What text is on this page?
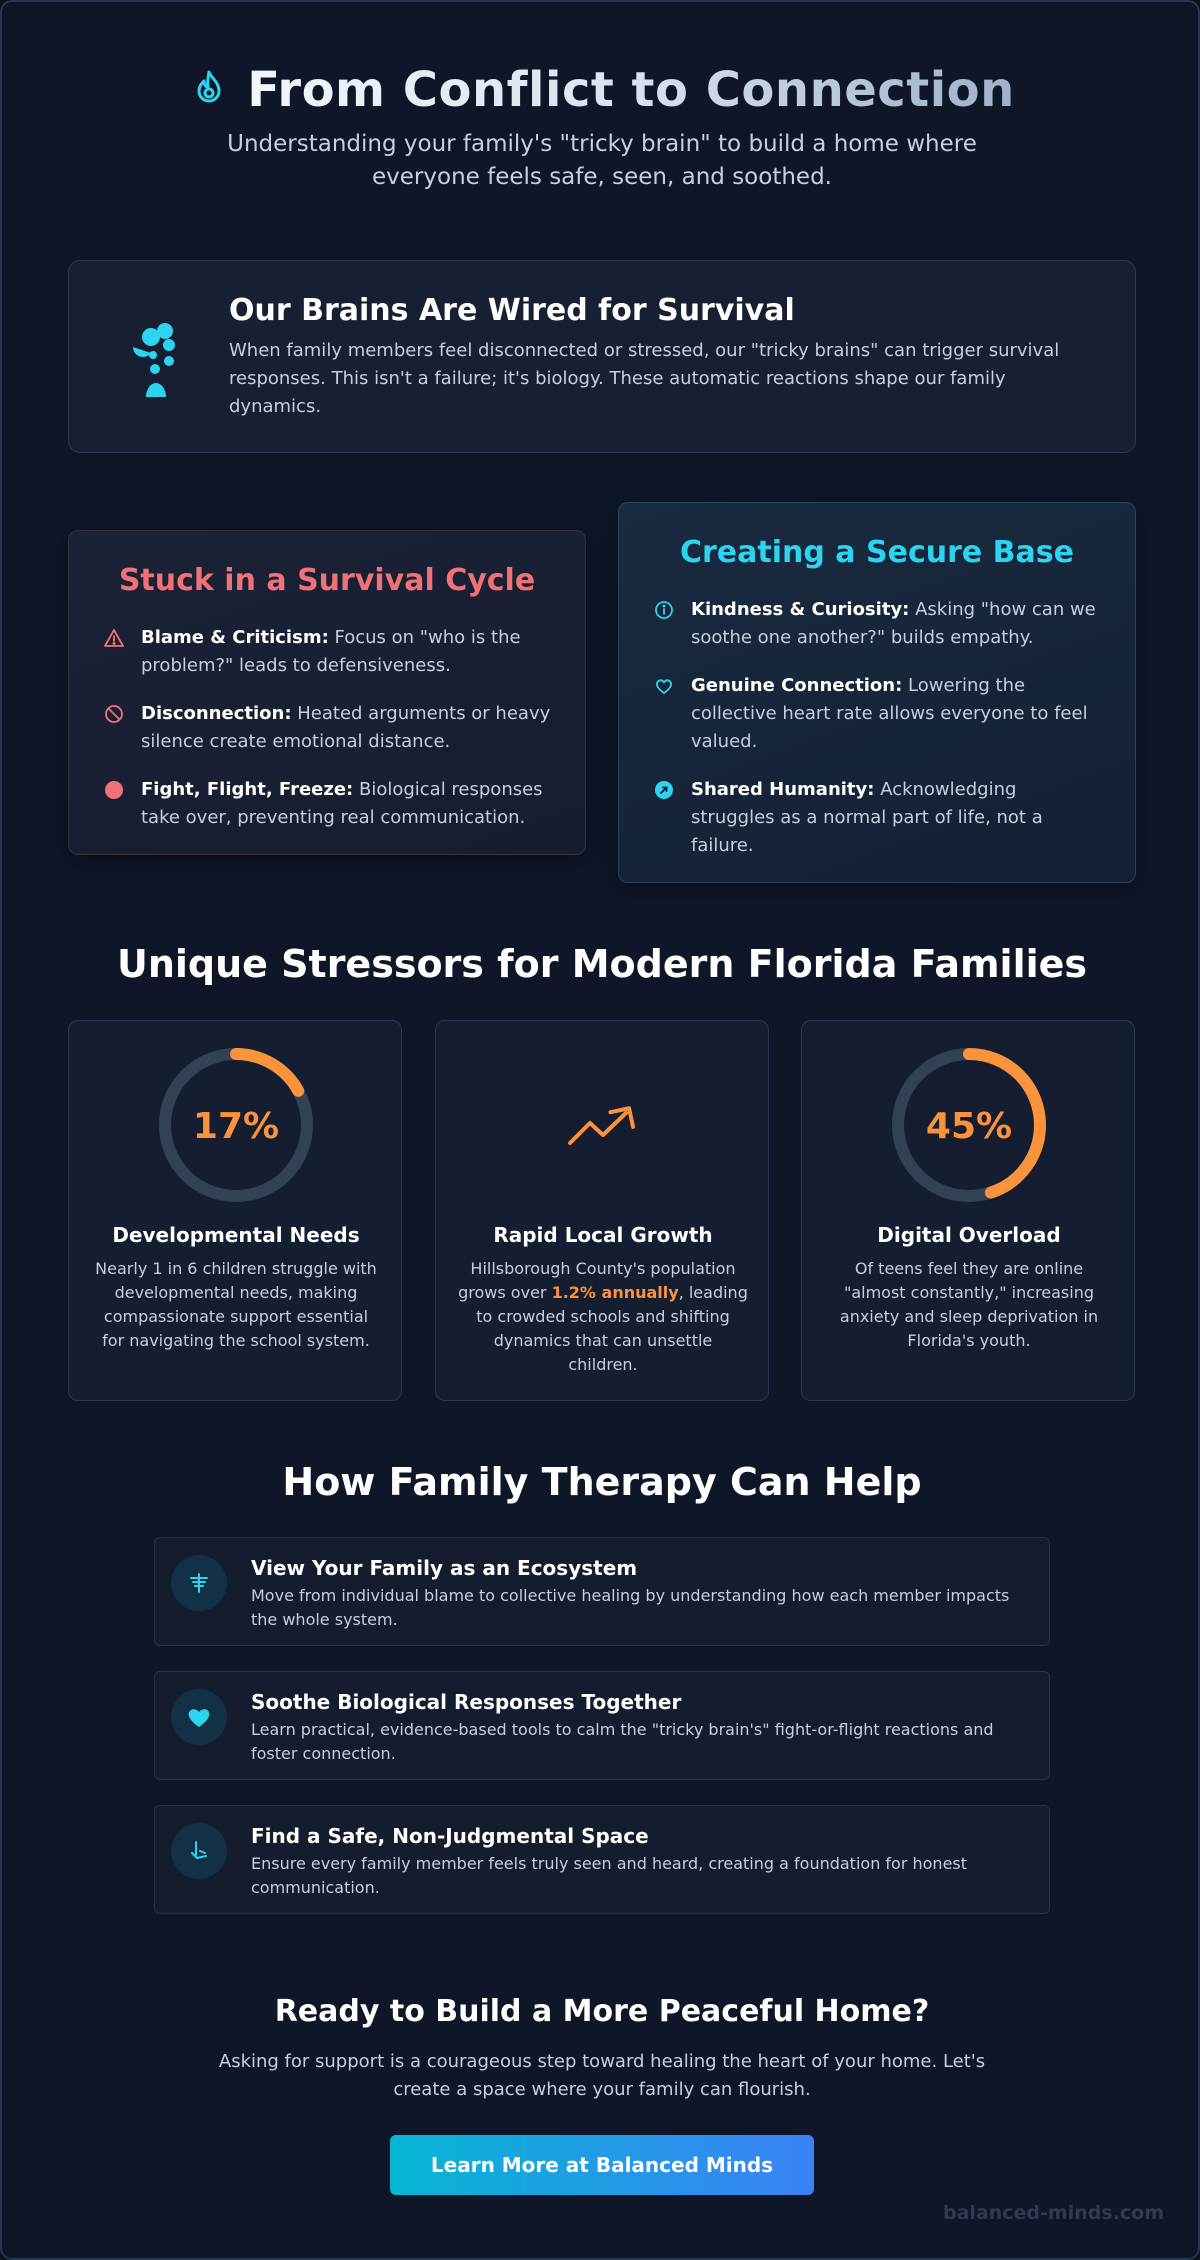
From Conflict to Connection

Understanding your family's "tricky brain" to build a home where everyone feels safe, seen, and soothed.

Our Brains Are Wired for Survival

When family members feel disconnected or stressed, our "tricky brains" can trigger survival responses. This isn't a failure; it's biology. These automatic reactions shape our family dynamics.

Stuck in a Survival Cycle
Blame & Criticism: Focus on "who is the problem?" leads to defensiveness.
Disconnection: Heated arguments or heavy silence create emotional distance.
Fight, Flight, Freeze: Biological responses take over, preventing real communication.
Creating a Secure Base
Kindness & Curiosity: Asking "how can we soothe one another?" builds empathy.
Genuine Connection: Lowering the collective heart rate allows everyone to feel valued.
Shared Humanity: Acknowledging struggles as a normal part of life, not a failure.
Unique Stressors for Modern Florida Families
17%
Developmental Needs

Nearly 1 in 6 children struggle with developmental needs, making compassionate support essential for navigating the school system.

Rapid Local Growth

Hillsborough County's population grows over 1.2% annually, leading to crowded schools and shifting dynamics that can unsettle children.

45%
Digital Overload

Of teens feel they are online "almost constantly," increasing anxiety and sleep deprivation in Florida's youth.

How Family Therapy Can Help
View Your Family as an Ecosystem

Move from individual blame to collective healing by understanding how each member impacts the whole system.

Soothe Biological Responses Together

Learn practical, evidence-based tools to calm the "tricky brain's" fight-or-flight reactions and foster connection.

Find a Safe, Non-Judgmental Space

Ensure every family member feels truly seen and heard, creating a foundation for honest communication.

Ready to Build a More Peaceful Home?

Asking for support is a courageous step toward healing the heart of your home. Let's create a space where your family can flourish.

Learn More at Balanced Minds
balanced-minds.com
